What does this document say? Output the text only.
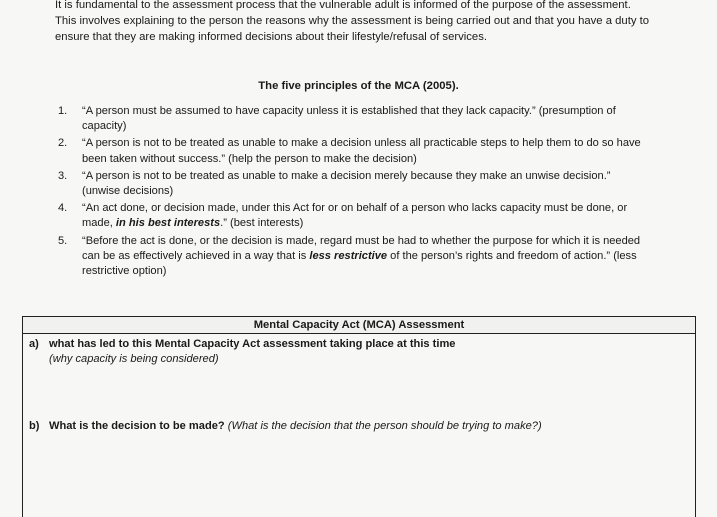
It is fundamental to the assessment process that the vulnerable adult is informed of the purpose of the assessment. This involves explaining to the person the reasons why the assessment is being carried out and that you have a duty to ensure that they are making informed decisions about their lifestyle/refusal of services.
The five principles of the MCA (2005).
1. “A person must be assumed to have capacity unless it is established that they lack capacity.” (presumption of capacity)
2. “A person is not to be treated as unable to make a decision unless all practicable steps to help them to do so have been taken without success.” (help the person to make the decision)
3. “A person is not to be treated as unable to make a decision merely because they make an unwise decision.” (unwise decisions)
4. “An act done, or decision made, under this Act for or on behalf of a person who lacks capacity must be done, or made, in his best interests.” (best interests)
5. “Before the act is done, or the decision is made, regard must be had to whether the purpose for which it is needed can be as effectively achieved in a way that is less restrictive of the person’s rights and freedom of action.” (less restrictive option)
Mental Capacity Act (MCA) Assessment
a) what has led to this Mental Capacity Act assessment taking place at this time
(why capacity is being considered)
b) What is the decision to be made? (What is the decision that the person should be trying to make?)
